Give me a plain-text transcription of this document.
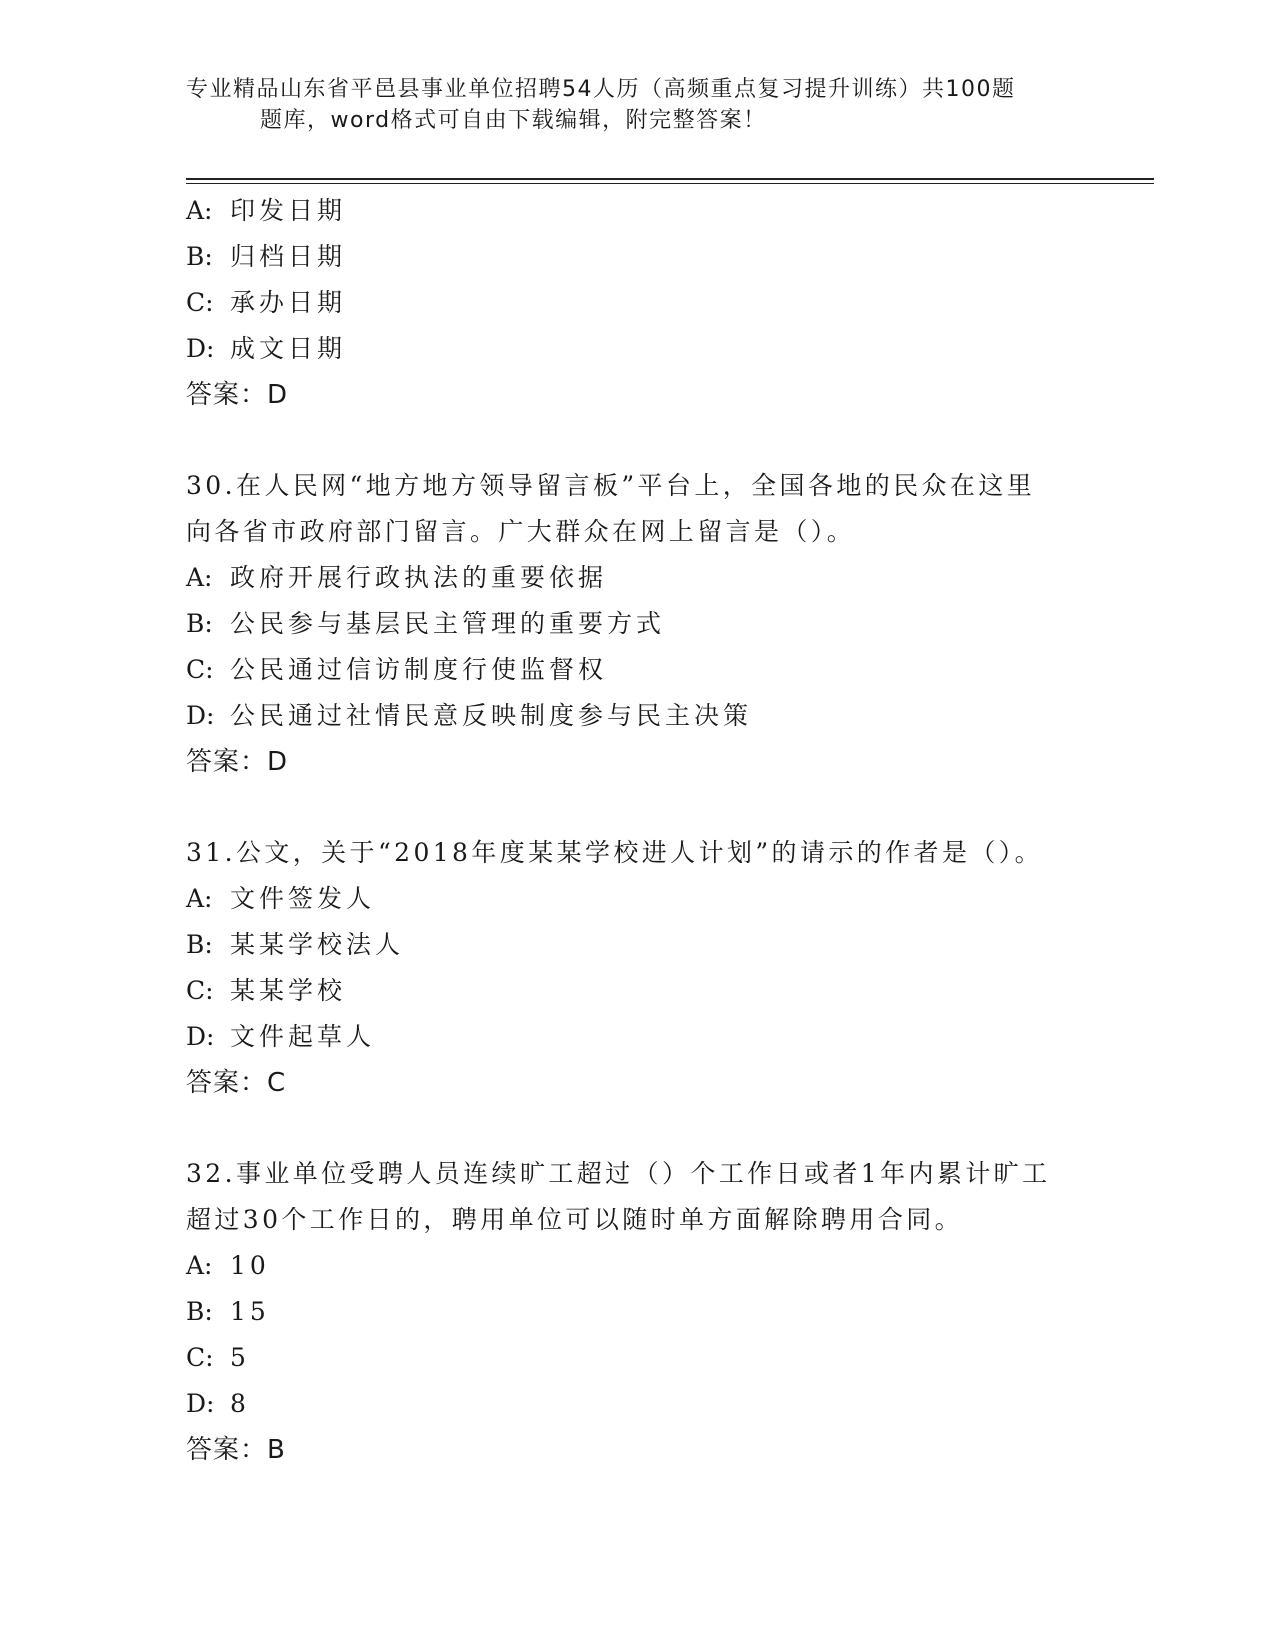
专业精品山东省平邑县事业单位招聘54人历（高频重点复习提升训练）共100题
题库，word格式可自由下载编辑，附完整答案！
A: 印发日期
B: 归档日期
C: 承办日期
D: 成文日期
答案：D
30.在人民网“地方地方领导留言板”平台上，全国各地的民众在这里
向各省市政府部门留言。广大群众在网上留言是（）。
A: 政府开展行政执法的重要依据
B: 公民参与基层民主管理的重要方式
C: 公民通过信访制度行使监督权
D: 公民通过社情民意反映制度参与民主决策
答案：D
31.公文，关于“2018年度某某学校进人计划”的请示的作者是（）。
A: 文件签发人
B: 某某学校法人
C: 某某学校
D: 文件起草人
答案：C
32.事业单位受聘人员连续旷工超过（）个工作日或者1年内累计旷工
超过30个工作日的，聘用单位可以随时单方面解除聘用合同。
A: 10
B: 15
C: 5
D: 8
答案：B
